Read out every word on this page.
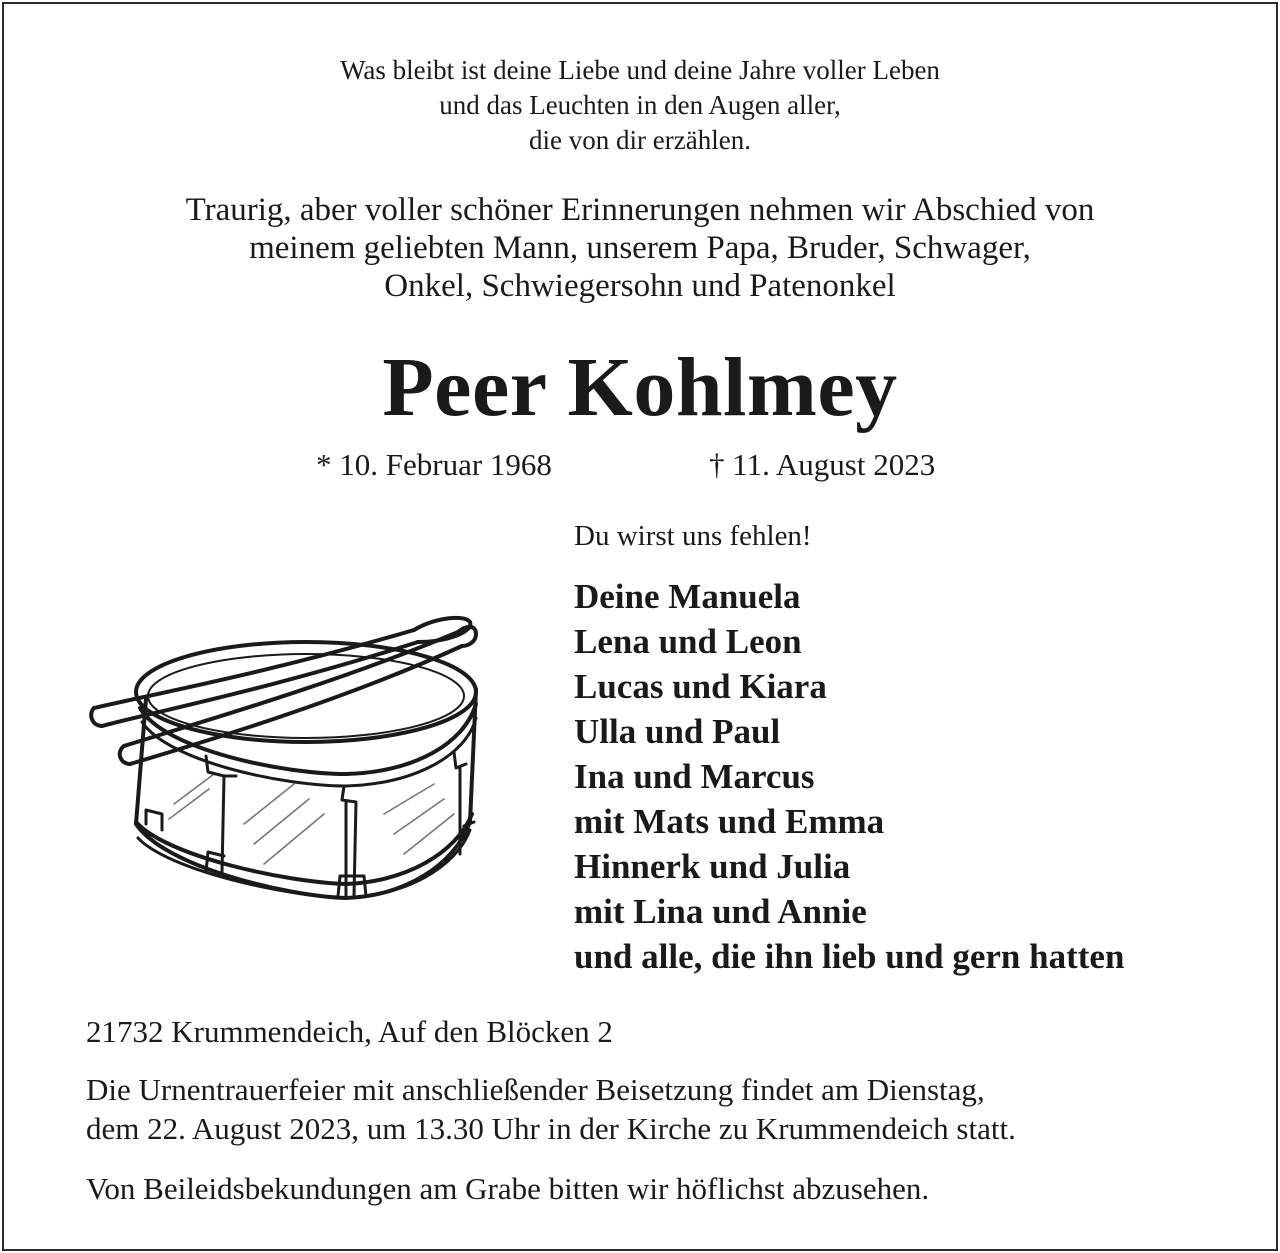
Was bleibt ist deine Liebe und deine Jahre voller Leben
und das Leuchten in den Augen aller,
die von dir erzählen.
Traurig, aber voller schöner Erinnerungen nehmen wir Abschied von
meinem geliebten Mann, unserem Papa, Bruder, Schwager,
Onkel, Schwiegersohn und Patenonkel
Peer Kohlmey
* 10. Februar 1968	† 11. August 2023
Du wirst uns fehlen!
Deine Manuela
Lena und Leon
Lucas und Kiara
Ulla und Paul
Ina und Marcus
mit Mats und Emma
Hinnerk und Julia
mit Lina und Annie
und alle, die ihn lieb und gern hatten
21732 Krummendeich, Auf den Blöcken 2
Die Urnentrauerfeier mit anschließender Beisetzung findet am Dienstag,
dem 22. August 2023, um 13.30 Uhr in der Kirche zu Krummendeich statt.
Von Beileidsbekundungen am Grabe bitten wir höflichst abzusehen.
